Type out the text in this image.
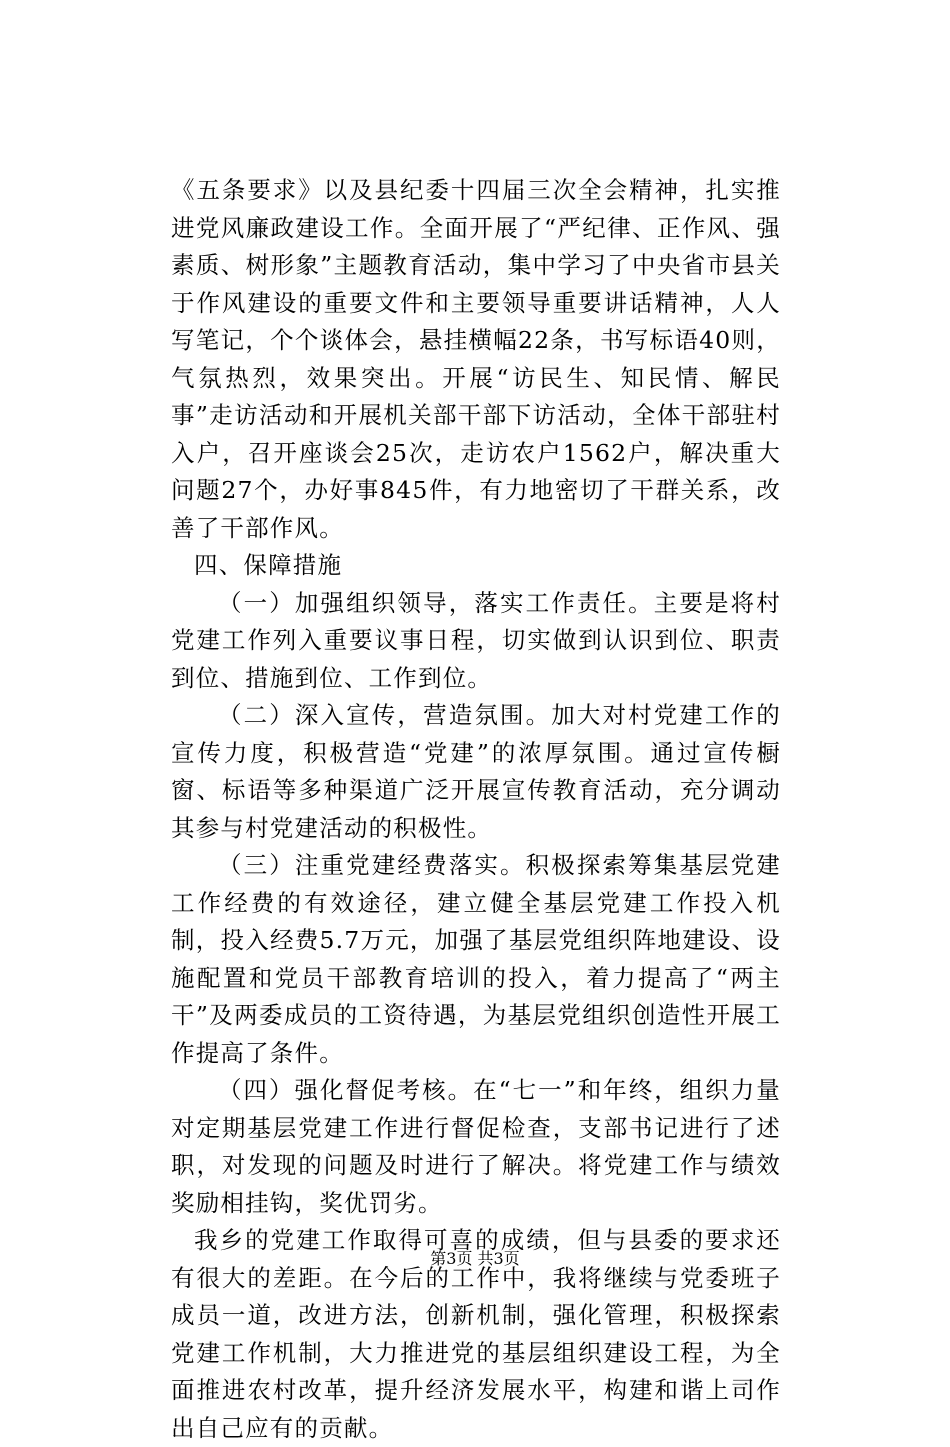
《五条要求》以及县纪委十四届三次全会精神，扎实推进党风廉政建设工作。全面开展了“严纪律、正作风、强素质、树形象”主题教育活动，集中学习了中央省市县关于作风建设的重要文件和主要领导重要讲话精神，人人写笔记，个个谈体会，悬挂横幅22条，书写标语40则，气氛热烈，效果突出。开展“访民生、知民情、解民事”走访活动和开展机关部干部下访活动，全体干部驻村入户，召开座谈会25次，走访农户1562户，解决重大问题27个，办好事845件，有力地密切了干群关系，改善了干部作风。

四、保障措施

（一）加强组织领导，落实工作责任。主要是将村党建工作列入重要议事日程，切实做到认识到位、职责到位、措施到位、工作到位。

（二）深入宣传，营造氛围。加大对村党建工作的宣传力度，积极营造“党建”的浓厚氛围。通过宣传橱窗、标语等多种渠道广泛开展宣传教育活动，充分调动其参与村党建活动的积极性。

（三）注重党建经费落实。积极探索筹集基层党建工作经费的有效途径，建立健全基层党建工作投入机制，投入经费5.7万元，加强了基层党组织阵地建设、设施配置和党员干部教育培训的投入，着力提高了“两主干”及两委成员的工资待遇，为基层党组织创造性开展工作提高了条件。

（四）强化督促考核。在“七一”和年终，组织力量对定期基层党建工作进行督促检查，支部书记进行了述职，对发现的问题及时进行了解决。将党建工作与绩效奖励相挂钩，奖优罚劣。

我乡的党建工作取得可喜的成绩，但与县委的要求还有很大的差距。在今后的工作中，我将继续与党委班子成员一道，改进方法，创新机制，强化管理，积极探索党建工作机制，大力推进党的基层组织建设工程，为全面推进农村改革，提升经济发展水平，构建和谐上司作出自己应有的贡献。

第3页 共3页
